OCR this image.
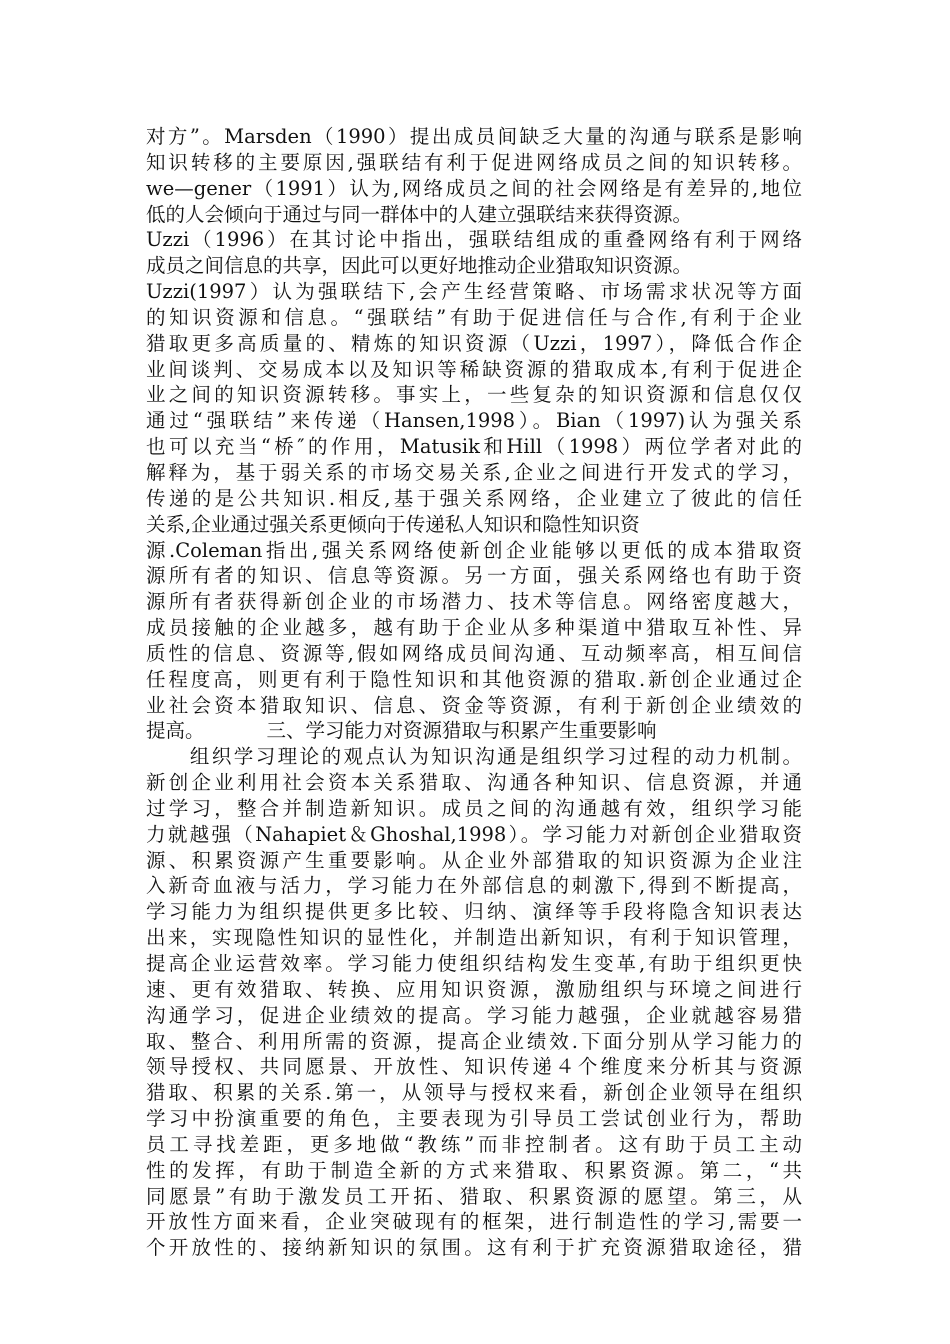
对方”。Marsden（1990）提出成员间缺乏大量的沟通与联系是影响
知识转移的主要原因,强联结有利于促进网络成员之间的知识转移。
we—gener（1991）认为,网络成员之间的社会网络是有差异的,地位
低的人会倾向于通过与同一群体中的人建立强联结来获得资源。
Uzzi（1996）在其讨论中指出，强联结组成的重叠网络有利于网络
成员之间信息的共享，因此可以更好地推动企业猎取知识资源。
Uzzi(1997）认为强联结下,会产生经营策略、市场需求状况等方面
的知识资源和信息。“强联结”有助于促进信任与合作,有利于企业
猎取更多高质量的、精炼的知识资源（Uzzi，1997），降低合作企
业间谈判、交易成本以及知识等稀缺资源的猎取成本,有利于促进企
业之间的知识资源转移。事实上，一些复杂的知识资源和信息仅仅
通过“强联结”来传递（Hansen,1998）。Bian（1997)认为强关系
也可以充当“桥″的作用，Matusik和Hill（1998）两位学者对此的
解释为，基于弱关系的市场交易关系,企业之间进行开发式的学习，
传递的是公共知识.相反,基于强关系网络，企业建立了彼此的信任
关系,企业通过强关系更倾向于传递私人知识和隐性知识资
源.Coleman指出,强关系网络使新创企业能够以更低的成本猎取资
源所有者的知识、信息等资源。另一方面，强关系网络也有助于资
源所有者获得新创企业的市场潜力、技术等信息。网络密度越大，
成员接触的企业越多，越有助于企业从多种渠道中猎取互补性、异
质性的信息、资源等,假如网络成员间沟通、互动频率高，相互间信
任程度高，则更有利于隐性知识和其他资源的猎取.新创企业通过企
业社会资本猎取知识、信息、资金等资源，有利于新创企业绩效的
提高。	三、学习能力对资源猎取与积累产生重要影响
　　组织学习理论的观点认为知识沟通是组织学习过程的动力机制。
新创企业利用社会资本关系猎取、沟通各种知识、信息资源，并通
过学习，整合并制造新知识。成员之间的沟通越有效，组织学习能
力就越强（Nahapiet＆Ghoshal,1998）。学习能力对新创企业猎取资
源、积累资源产生重要影响。从企业外部猎取的知识资源为企业注
入新奇血液与活力，学习能力在外部信息的刺激下,得到不断提高，
学习能力为组织提供更多比较、归纳、演绎等手段将隐含知识表达
出来，实现隐性知识的显性化，并制造出新知识，有利于知识管理，
提高企业运营效率。学习能力使组织结构发生变革,有助于组织更快
速、更有效猎取、转换、应用知识资源，激励组织与环境之间进行
沟通学习，促进企业绩效的提高。学习能力越强，企业就越容易猎
取、整合、利用所需的资源，提高企业绩效.下面分别从学习能力的
领导授权、共同愿景、开放性、知识传递４个维度来分析其与资源
猎取、积累的关系.第一，从领导与授权来看，新创企业领导在组织
学习中扮演重要的角色，主要表现为引导员工尝试创业行为，帮助
员工寻找差距，更多地做“教练”而非控制者。这有助于员工主动
性的发挥，有助于制造全新的方式来猎取、积累资源。第二，“共
同愿景”有助于激发员工开拓、猎取、积累资源的愿望。第三，从
开放性方面来看，企业突破现有的框架，进行制造性的学习,需要一
个开放性的、接纳新知识的氛围。这有利于扩充资源猎取途径，猎
